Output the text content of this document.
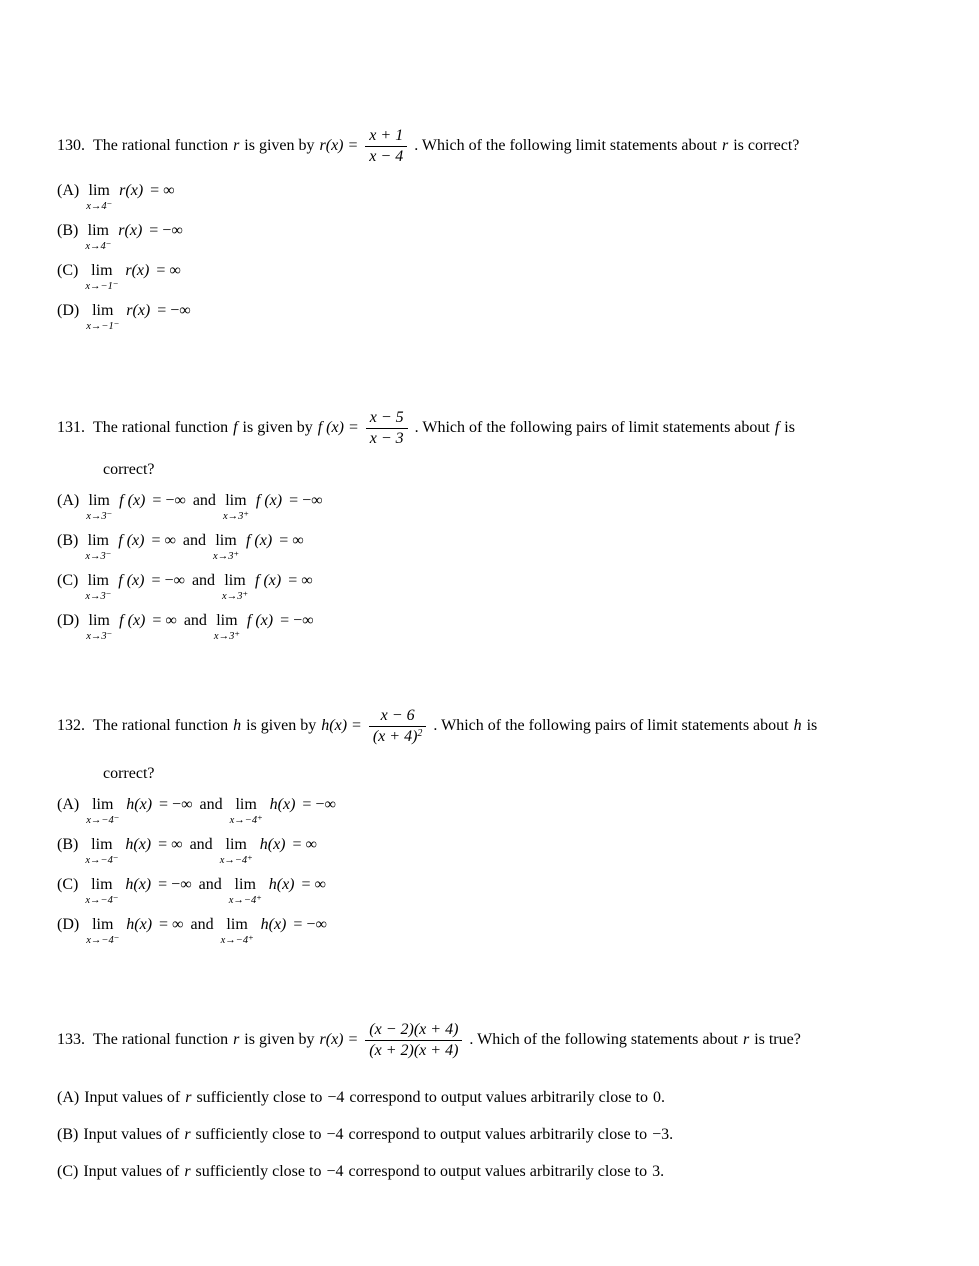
130. The rational function r is given by $r(x) = \frac{x + 1}{x - 4}$ . Which of the following limit statements about r is correct?
(A) lim
x→4⁻
r(x) = ∞
(B) lim
x→4⁻
r(x) = −∞
(C) lim
x→−1⁻
r(x) = ∞
(D) lim
x→−1⁻
r(x) = −∞
131. The rational function f is given by f $(x) = \frac{x - 5}{x - 3}$ . Which of the following pairs of limit statements about f is
correct?
(A) lim
x→3⁻
f (x) = −∞ and lim
x→3⁺
f (x) = −∞
(B) lim
x→3⁻
f (x) = ∞ and lim
x→3⁺
f (x) = ∞
(C) lim
x→3⁻
f (x) = −∞ and lim
x→3⁺
f (x) = ∞
(D) lim
x→3⁻
f (x) = ∞ and lim
x→3⁺
f (x) = −∞
132. The rational function h is given by $h(x) = \frac{x - 6}{(x + 4)^2}$ . Which of the following pairs of limit statements about h is
correct?
(A) lim
x→−4⁻
h(x) = −∞ and lim
x→−4⁺
h(x) = −∞
(B) lim
x→−4⁻
h(x) = ∞ and lim
x→−4⁺
h(x) = ∞
(C) lim
x→−4⁻
h(x) = −∞ and lim
x→−4⁺
h(x) = ∞
(D) lim
x→−4⁻
h(x) = ∞ and lim
x→−4⁺
h(x) = −∞
133. The rational function r is given by $r(x) = \frac{(x - 2)(x + 4)}{(x + 2)(x + 4)}$ . Which of the following statements about r is true?
(A) Input values of r sufficiently close to −4 correspond to output values arbitrarily close to 0.
(B) Input values of r sufficiently close to −4 correspond to output values arbitrarily close to −3.
(C) Input values of r sufficiently close to −4 correspond to output values arbitrarily close to 3.
